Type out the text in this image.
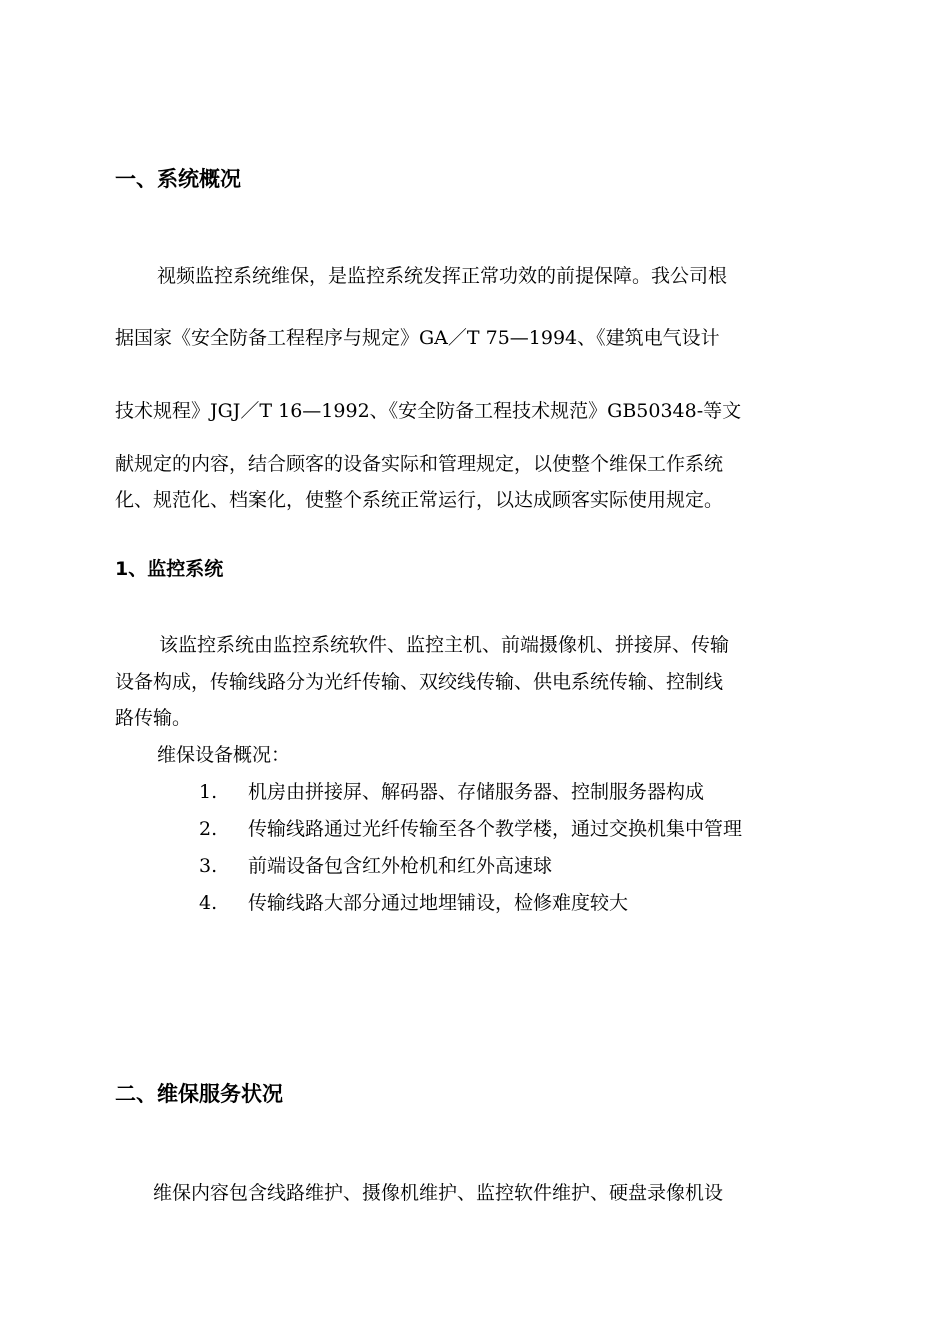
一、系统概况
视频监控系统维保，是监控系统发挥正常功效的前提保障。我公司根
据国家《安全防备工程程序与规定》GA／T 75—1994、《建筑电气设计
技术规程》JGJ／T 16—1992、《安全防备工程技术规范》GB50348-等文
献规定的内容，结合顾客的设备实际和管理规定，以使整个维保工作系统
化、规范化、档案化，使整个系统正常运行，以达成顾客实际使用规定。
1、监控系统
该监控系统由监控系统软件、监控主机、前端摄像机、拼接屏、传输
设备构成，传输线路分为光纤传输、双绞线传输、供电系统传输、控制线
路传输。
维保设备概况：
1. 机房由拼接屏、解码器、存储服务器、控制服务器构成
2. 传输线路通过光纤传输至各个教学楼，通过交换机集中管理
3. 前端设备包含红外枪机和红外高速球
4. 传输线路大部分通过地埋铺设，检修难度较大
二、维保服务状况
维保内容包含线路维护、摄像机维护、监控软件维护、硬盘录像机设
